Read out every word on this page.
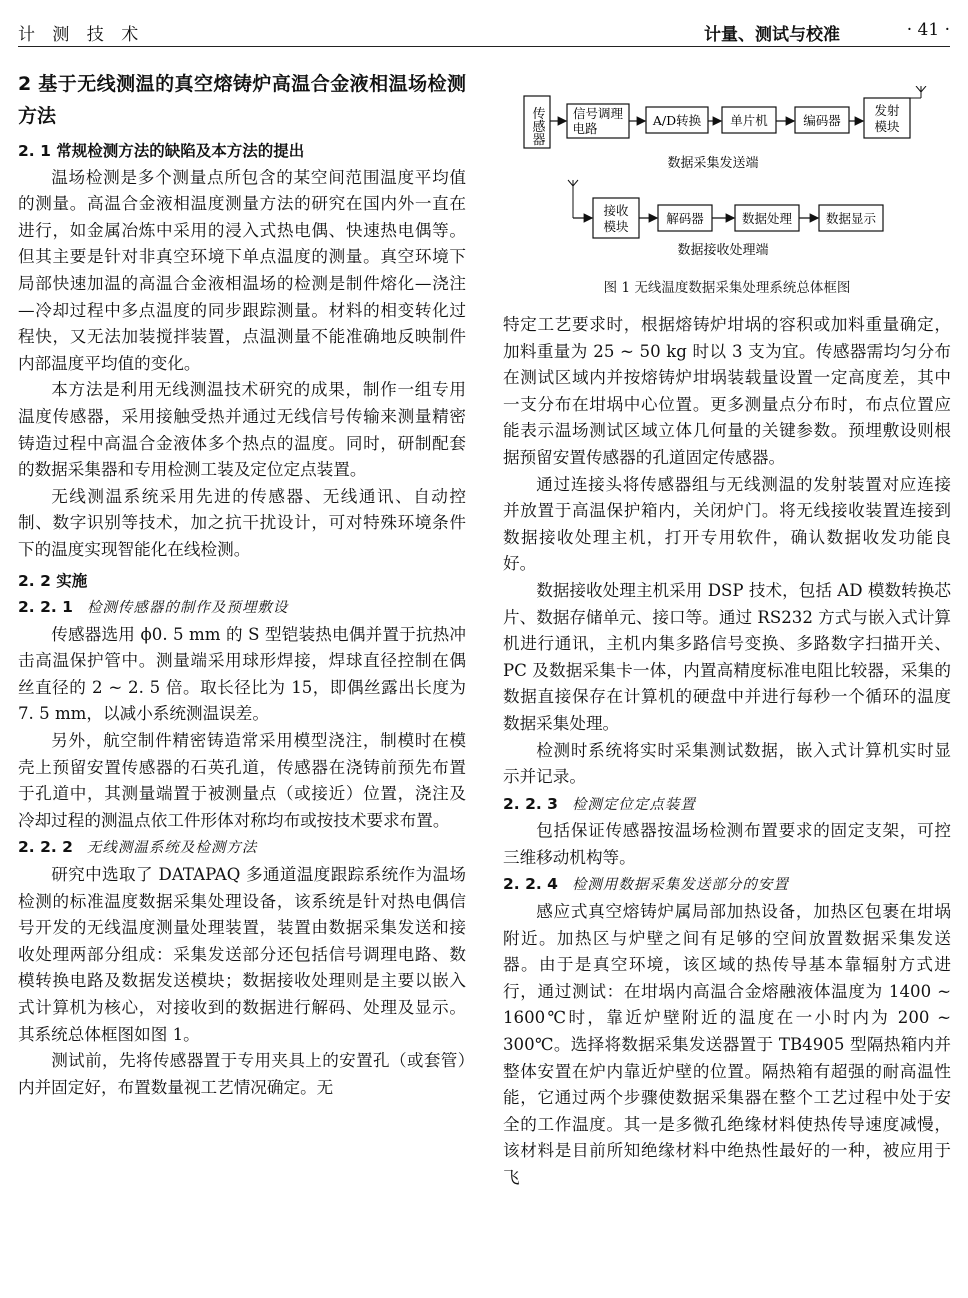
计 测 技 术	计量、测试与校准	· 41 ·
2 基于无线测温的真空熔铸炉高温合金液相温场检测方法
2. 1 常规检测方法的缺陷及本方法的提出

温场检测是多个测量点所包含的某空间范围温度平均值的测量。高温合金液相温度测量方法的研究在国内外一直在进行，如金属冶炼中采用的浸入式热电偶、快速热电偶等。但其主要是针对非真空环境下单点温度的测量。真空环境下局部快速加温的高温合金液相温场的检测是制件熔化—浇注—冷却过程中多点温度的同步跟踪测量。材料的相变转化过程快，又无法加装搅拌装置，点温测量不能准确地反映制件内部温度平均值的变化。

本方法是利用无线测温技术研究的成果，制作一组专用温度传感器，采用接触受热并通过无线信号传输来测量精密铸造过程中高温合金液体多个热点的温度。同时，研制配套的数据采集器和专用检测工装及定位定点装置。

无线测温系统采用先进的传感器、无线通讯、自动控制、数字识别等技术，加之抗干扰设计，可对特殊环境条件下的温度实现智能化在线检测。

2. 2 实施
2. 2. 1 检测传感器的制作及预埋敷设

传感器选用 ϕ0. 5 mm 的 S 型铠装热电偶并置于抗热冲击高温保护管中。测量端采用球形焊接，焊球直径控制在偶丝直径的 2 ~ 2. 5 倍。取长径比为 15，即偶丝露出长度为 7. 5 mm，以减小系统测温误差。

另外，航空制件精密铸造常采用模型浇注，制模时在模壳上预留安置传感器的石英孔道，传感器在浇铸前预先布置于孔道中，其测量端置于被测量点（或接近）位置，浇注及冷却过程的测温点依工件形体对称均布或按技术要求布置。

2. 2. 2 无线测温系统及检测方法

研究中选取了 DATAPAQ 多通道温度跟踪系统作为温场检测的标准温度数据采集处理设备，该系统是针对热电偶信号开发的无线温度测量处理装置，装置由数据采集发送和接收处理两部分组成：采集发送部分还包括信号调理电路、数模转换电路及数据发送模块；数据接收处理则是主要以嵌入式计算机为核心，对接收到的数据进行解码、处理及显示。其系统总体框图如图 1。

测试前，先将传感器置于专用夹具上的安置孔（或套管）内并固定好，布置数量视工艺情况确定。无

传感器 信号调理
电路
A/D转换 单片机	编码器
发射
模块
数据采集发送端
接收
模块
解码器	数据处理	数据显示
数据接收处理端
图 1 无线温度数据采集处理系统总体框图

特定工艺要求时，根据熔铸炉坩埚的容积或加料重量确定，加料重量为 25 ~ 50 kg 时以 3 支为宜。传感器需均匀分布在测试区域内并按熔铸炉坩埚装载量设置一定高度差，其中一支分布在坩埚中心位置。更多测量点分布时，布点位置应能表示温场测试区域立体几何量的关键参数。预埋敷设则根据预留安置传感器的孔道固定传感器。

通过连接头将传感器组与无线测温的发射装置对应连接并放置于高温保护箱内，关闭炉门。将无线接收装置连接到数据接收处理主机，打开专用软件，确认数据收发功能良好。

数据接收处理主机采用 DSP 技术，包括 AD 模数转换芯片、数据存储单元、接口等。通过 RS232 方式与嵌入式计算机进行通讯，主机内集多路信号变换、多路数字扫描开关、PC 及数据采集卡一体，内置高精度标准电阻比较器，采集的数据直接保存在计算机的硬盘中并进行每秒一个循环的温度数据采集处理。

检测时系统将实时采集测试数据，嵌入式计算机实时显示并记录。

2. 2. 3 检测定位定点装置

包括保证传感器按温场检测布置要求的固定支架，可控三维移动机构等。

2. 2. 4 检测用数据采集发送部分的安置

感应式真空熔铸炉属局部加热设备，加热区包裹在坩埚附近。加热区与炉壁之间有足够的空间放置数据采集发送器。由于是真空环境，该区域的热传导基本靠辐射方式进行，通过测试：在坩埚内高温合金熔融液体温度为 1400 ~ 1600℃时，靠近炉壁附近的温度在一小时内为 200 ~ 300℃。选择将数据采集发送器置于 TB4905 型隔热箱内并整体安置在炉内靠近炉壁的位置。隔热箱有超强的耐高温性能，它通过两个步骤使数据采集器在整个工艺过程中处于安全的工作温度。其一是多微孔绝缘材料使热传导速度减慢，该材料是目前所知绝缘材料中绝热性最好的一种，被应用于飞
